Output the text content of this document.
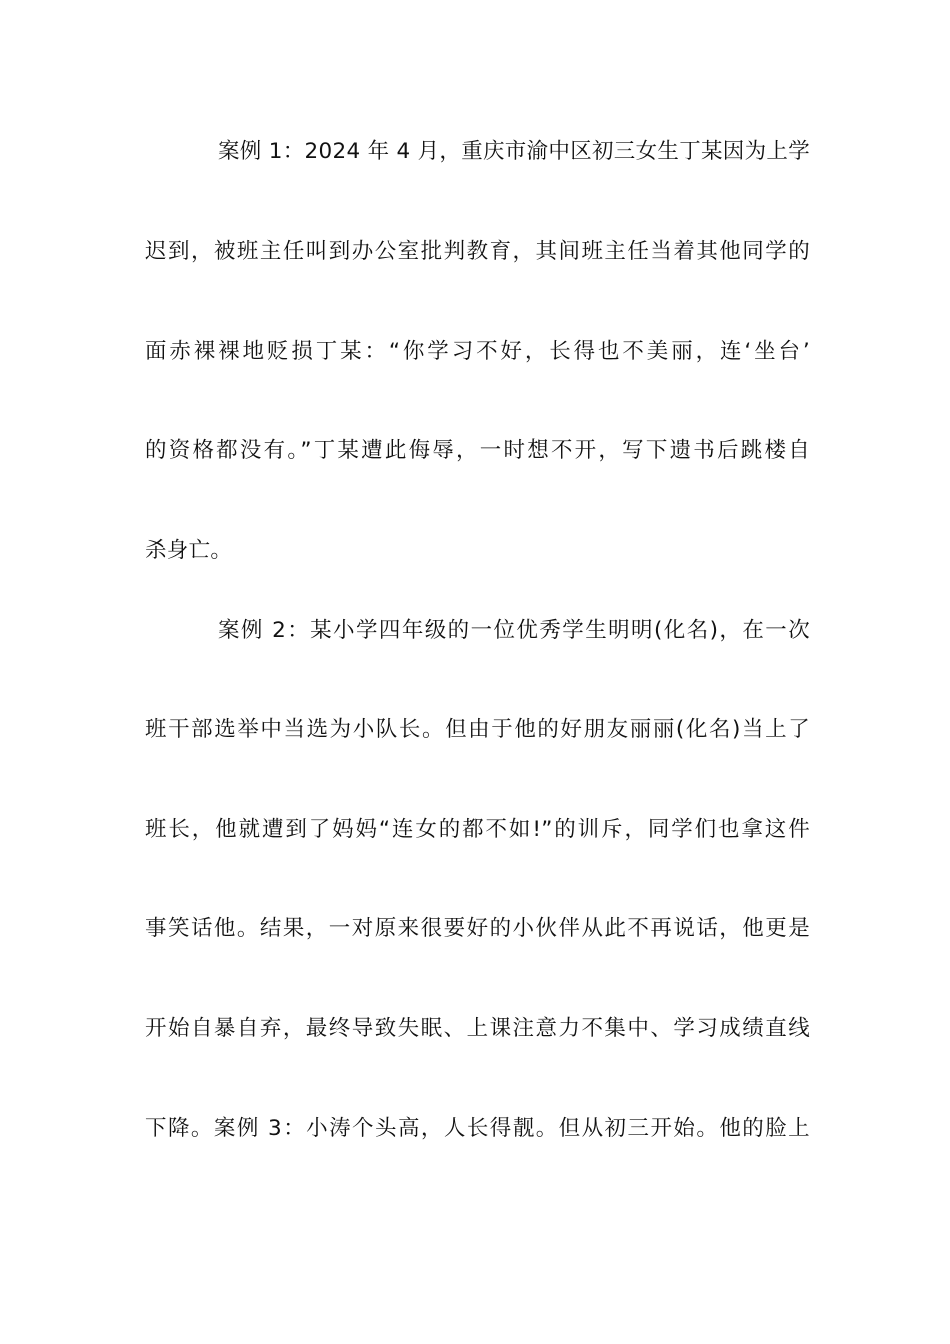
案例 1：2024 年 4 月，重庆市渝中区初三女生丁某因为上学
迟到，被班主任叫到办公室批判教育，其间班主任当着其他同学的
面赤裸裸地贬损丁某：“你学习不好，长得也不美丽，连‘坐台’
的资格都没有。”丁某遭此侮辱，一时想不开，写下遗书后跳楼自
杀身亡。
案例 2：某小学四年级的一位优秀学生明明(化名)，在一次
班干部选举中当选为小队长。但由于他的好朋友丽丽(化名)当上了
班长，他就遭到了妈妈“连女的都不如!”的训斥，同学们也拿这件
事笑话他。结果，一对原来很要好的小伙伴从此不再说话，他更是
开始自暴自弃，最终导致失眠、上课注意力不集中、学习成绩直线
下降。案例 3：小涛个头高，人长得靓。但从初三开始。他的脸上
